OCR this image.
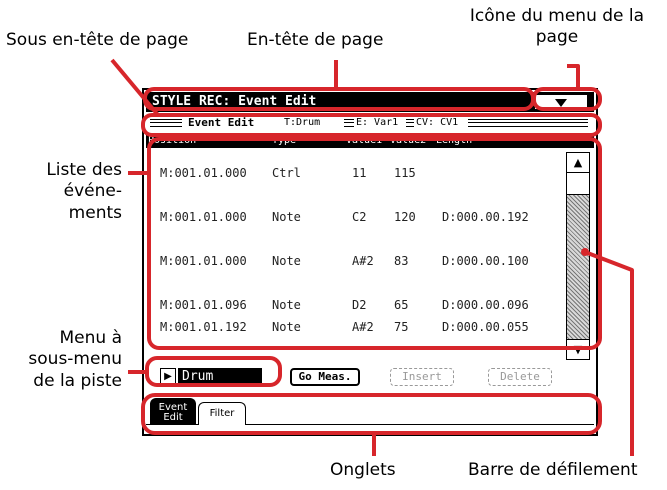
Sous en-tête de page	En-tête de page
Icône du menu de la page
Liste des
événe-
ments
Menu à
sous-menu
de la piste
Onglets	Barre de défilement
STYLE REC: Event Edit
Event Edit	T:Drum	E: Var1 CV: CV1
Position	Type	Value1 Value2 Length
M:001.01.000 Ctrl	11 115
M:001.01.000 Note	C2 120 D:000.00.192
M:001.01.000 Note	A#2 83	D:000.00.100
M:001.01.096 Note	D2 65	D:000.00.096
M:001.01.192 Note	A#2 75	D:000.00.055
▲
▼
▶ Drum	Go Meas.	Insert	Delete
Event
Edit	Filter
